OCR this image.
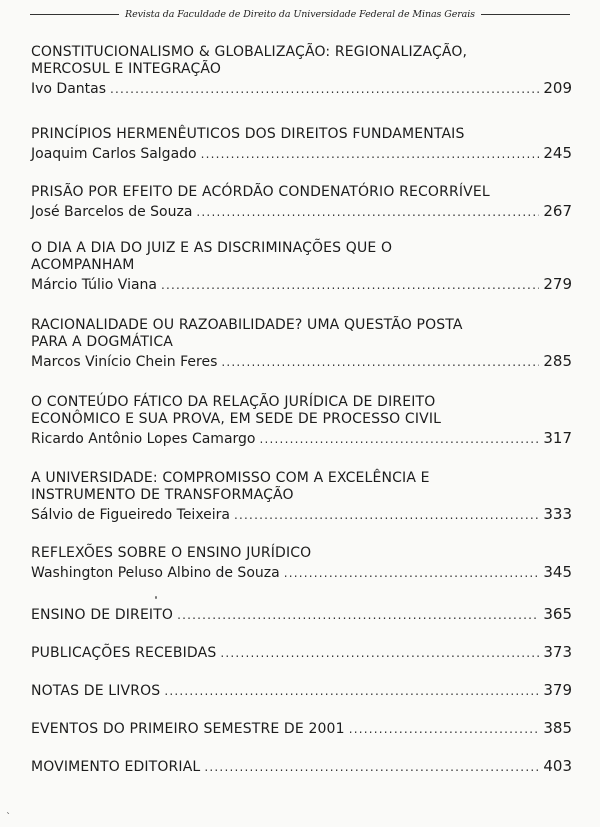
Revista da Faculdade de Direito da Universidade Federal de Minas Gerais
CONSTITUCIONALISMO & GLOBALIZAÇÃO: REGIONALIZAÇÃO,
MERCOSUL E INTEGRAÇÃO
Ivo Dantas .....	209
PRINCÍPIOS HERMENÊUTICOS DOS DIREITOS FUNDAMENTAIS
Joaquim Carlos Salgado .....	245
PRISÃO POR EFEITO DE ACÓRDÃO CONDENATÓRIO RECORRÍVEL
José Barcelos de Souza .....	267
O DIA A DIA DO JUIZ E AS DISCRIMINAÇÕES QUE O
ACOMPANHAM
Márcio Túlio Viana .....	279
RACIONALIDADE OU RAZOABILIDADE? UMA QUESTÃO POSTA
PARA A DOGMÁTICA
Marcos Vinício Chein Feres .....	285
O CONTEÚDO FÁTICO DA RELAÇÃO JURÍDICA DE DIREITO
ECONÔMICO E SUA PROVA, EM SEDE DE PROCESSO CIVIL
Ricardo Antônio Lopes Camargo .....	317
A UNIVERSIDADE: COMPROMISSO COM A EXCELÊNCIA E
INSTRUMENTO DE TRANSFORMAÇÃO
Sálvio de Figueiredo Teixeira .....	333
REFLEXÕES SOBRE O ENSINO JURÍDICO
Washington Peluso Albino de Souza .....	345
ENSINO DE DIREITO .....	365
PUBLICAÇÕES RECEBIDAS .....	373
NOTAS DE LIVROS .....	379
EVENTOS DO PRIMEIRO SEMESTRE DE 2001 .....	385
MOVIMENTO EDITORIAL .....	403
`
